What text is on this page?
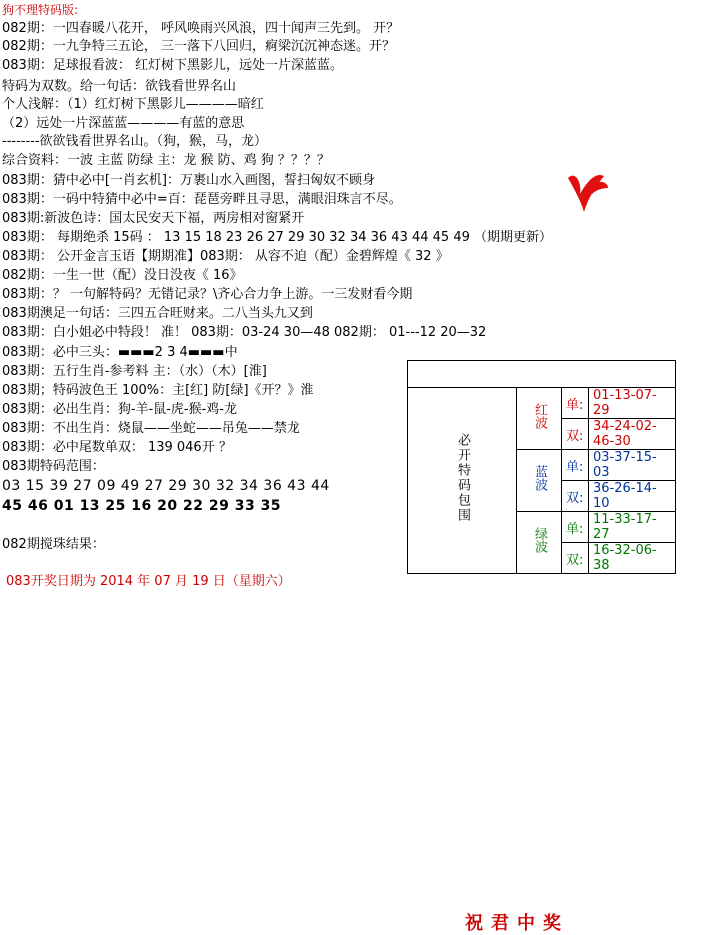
狗不理特码版:
082期：一四春暖八花开， 呼风唤雨兴风浪，四十闻声三先到。 开？
082期：一九争特三五论， 三一落下八回归，痾梁沉沉神态迷。开？
083期：足球报看波： 红灯树下黑影儿，远处一片深蓝蓝。
特码为双数。给一句话：欲钱看世界名山
个人浅解：（1）红灯树下黑影儿————暗红
（2）远处一片深蓝蓝————有蓝的意思
--------欲欲钱看世界名山。（狗，猴，马，龙）
综合资料：一波 主蓝 防绿 主：龙 猴 防、鸡 狗 ？？？？
083期：猜中必中[一肖玄机]：万裹山水入画图，誓扫匈奴不顾身
083期：一码中特猜中必中=百：琵琶旁畔且寻思，满眼泪珠言不尽。
083期:新波色诗：国太民安天下福，两房相对窗紧开
083期： 每期绝杀 15码 ： 13 15 18 23 26 27 29 30 32 34 36 43 44 45 49 （期期更新）
083期： 公开金言玉语【期期准】083期： 从容不迫（配）金碧辉煌《 32 》
082期：一生一世（配）没日没夜《 16》
083期：？ 一句解特码？无错记录？\齐心合力争上游。一三发财看今期
083期澳足一句话：三四五合旺财来。二八当头九又到
083期：白小姐必中特段！ 准！ 083期：03-24 30—48 082期： 01---12 20—32
083期：必中三头：▬▬▬2 3 4▬▬▬中
083期：五行生肖-参考料 主：（水）（木）[淮]
083期；特码波色王 100%：主[红] 防[绿]《开？》淮
083期：必出生肖：狗-羊-鼠-虎-猴-鸡-龙
083期：不出生肖：烧鼠——坐蛇——吊兔——禁龙
083期：必中尾数单双： 139 046开 ？
083期特码范围：
03 15 39 27 09 49 27 29 30 32 34 36 43 44
45 46 01 13 25 16 20 22 29 33 35
082期搅珠结果：
083开奖日期为 2014 年 07 月 19 日（星期六）

必开特码包围	红波	单:	01-13-07-29
		双:	34-24-02-46-30
	蓝波	单:	03-37-15-03
		双:	36-26-14-10
	绿波	单:	11-33-17-27
		双:	16-32-06-38
祝君中奖
